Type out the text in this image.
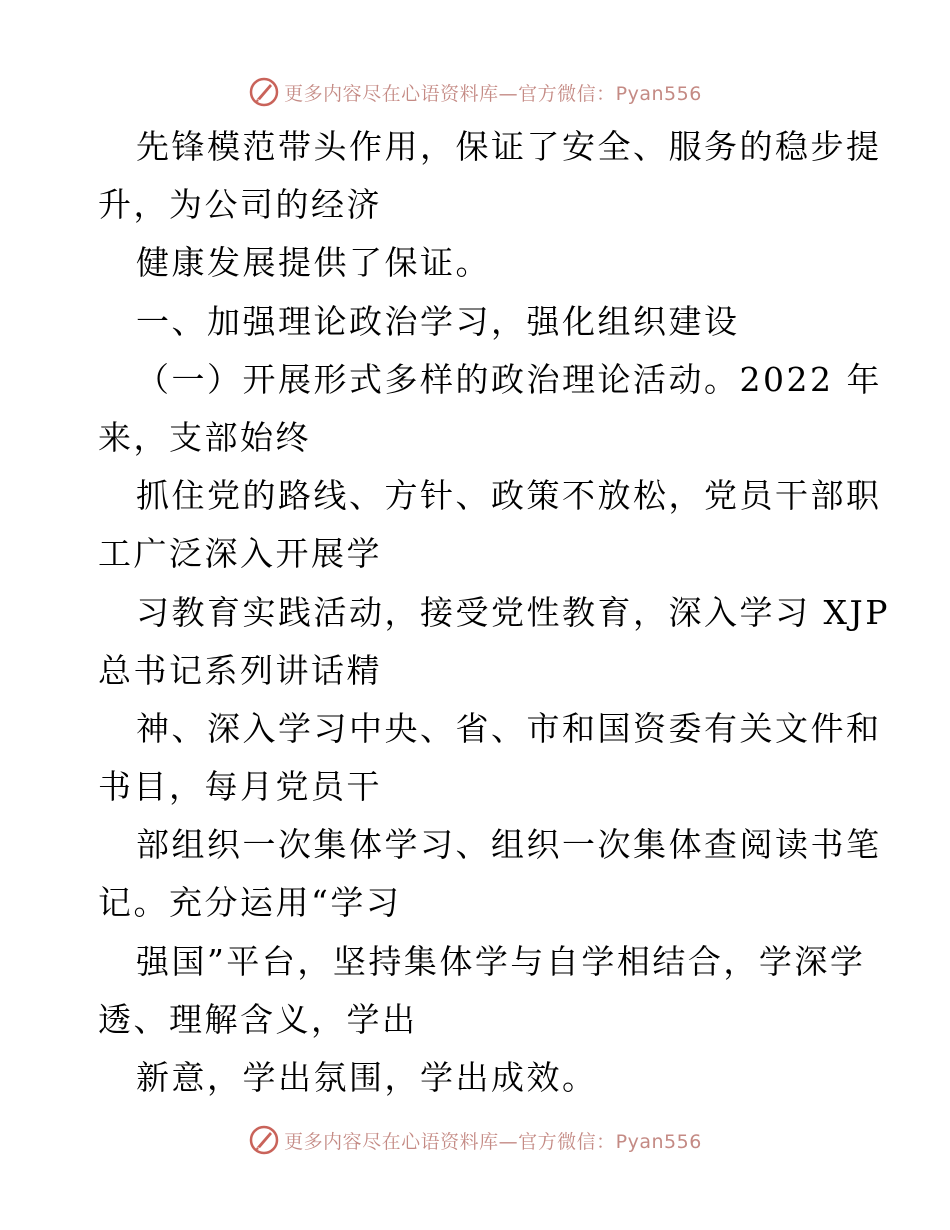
更多内容尽在心语资料库—官方微信：Pyan556
先锋模范带头作用，保证了安全、服务的稳步提
升，为公司的经济
健康发展提供了保证。
一、加强理论政治学习，强化组织建设
（一）开展形式多样的政治理论活动。2022 年
来，支部始终
抓住党的路线、方针、政策不放松，党员干部职
工广泛深入开展学
习教育实践活动，接受党性教育，深入学习 XJP
总书记系列讲话精
神、深入学习中央、省、市和国资委有关文件和
书目，每月党员干
部组织一次集体学习、组织一次集体查阅读书笔
记。充分运用“学习
强国”平台，坚持集体学与自学相结合，学深学
透、理解含义，学出
新意，学出氛围，学出成效。
更多内容尽在心语资料库—官方微信：Pyan556
